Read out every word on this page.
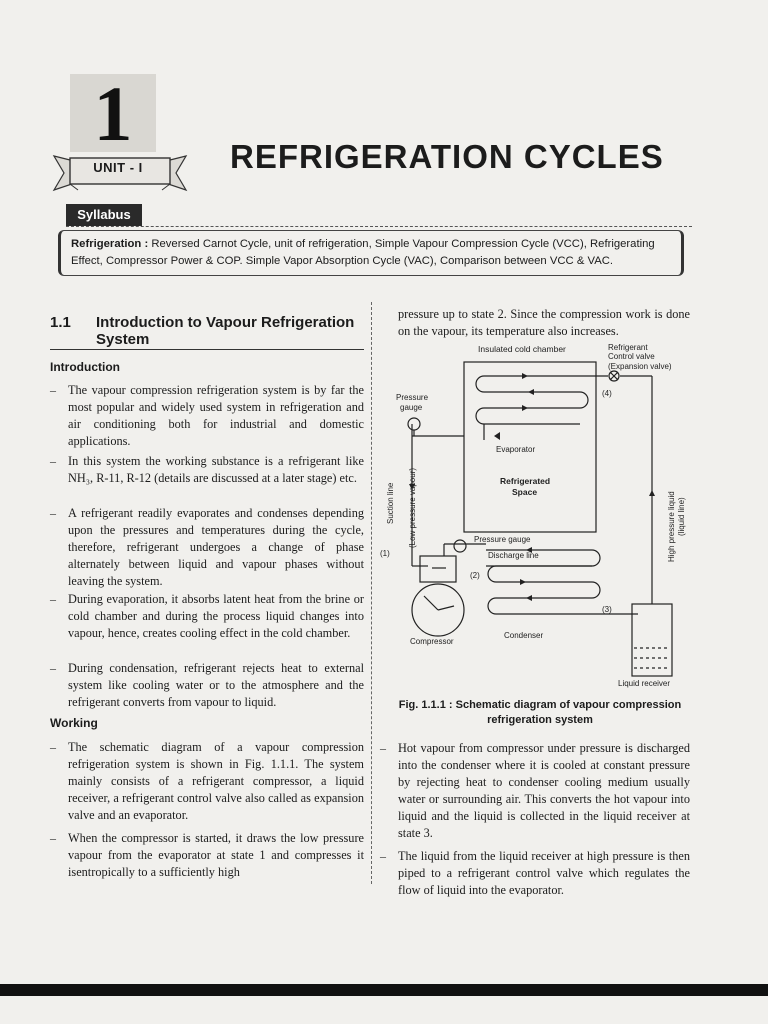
1
UNIT - I	REFRIGERATION CYCLES
Syllabus
Refrigeration : Reversed Carnot Cycle, unit of refrigeration, Simple Vapour Compression Cycle (VCC), Refrigerating
Effect, Compressor Power & COP. Simple Vapor Absorption Cycle (VAC), Comparison between VCC & VAC.
1.1 Introduction to Vapour Refrigeration System
Introduction
– The vapour compression refrigeration system is by far the most popular and widely used system in refrigeration and air conditioning both for industrial and domestic applications.
– In this system the working substance is a refrigerant like NH₃, R-11, R-12 (details are discussed at a later stage) etc.
– A refrigerant readily evaporates and condenses depending upon the pressures and temperatures during the cycle, therefore, refrigerant undergoes a change of phase alternately between liquid and vapour phases without leaving the system.
– During evaporation, it absorbs latent heat from the brine or cold chamber and during the process liquid changes into vapour, hence, creates cooling effect in the cold chamber.
– During condensation, refrigerant rejects heat to external system like cooling water or to the atmosphere and the refrigerant converts from vapour to liquid.
Working
– The schematic diagram of a vapour compression refrigeration system is shown in Fig. 1.1.1. The system mainly consists of a refrigerant compressor, a liquid receiver, a refrigerant control valve also called as expansion valve and an evaporator.
– When the compressor is started, it draws the low pressure vapour from the evaporator at state 1 and compresses it isentropically to a sufficiently high
pressure up to state 2. Since the compression work is done on the vapour, its temperature also increases.
Insulated cold chamber	Refrigerant
Control valve
(Expansion valve)
(4)
Pressure
gauge
Evaporator
Refrigerated
Space
Suction line (Low pressure vapour)	High pressure liquid (liquid line)
Pressure gauge
Discharge line
(1)
(2)
(3)
Compressor
Condenser
Liquid receiver
Fig. 1.1.1 : Schematic diagram of vapour compression
refrigeration system
– Hot vapour from compressor under pressure is discharged into the condenser where it is cooled at constant pressure by rejecting heat to condenser cooling medium usually water or surrounding air. This converts the hot vapour into liquid and the liquid is collected in the liquid receiver at state 3.
– The liquid from the liquid receiver at high pressure is then piped to a refrigerant control valve which regulates the flow of liquid into the evaporator.
